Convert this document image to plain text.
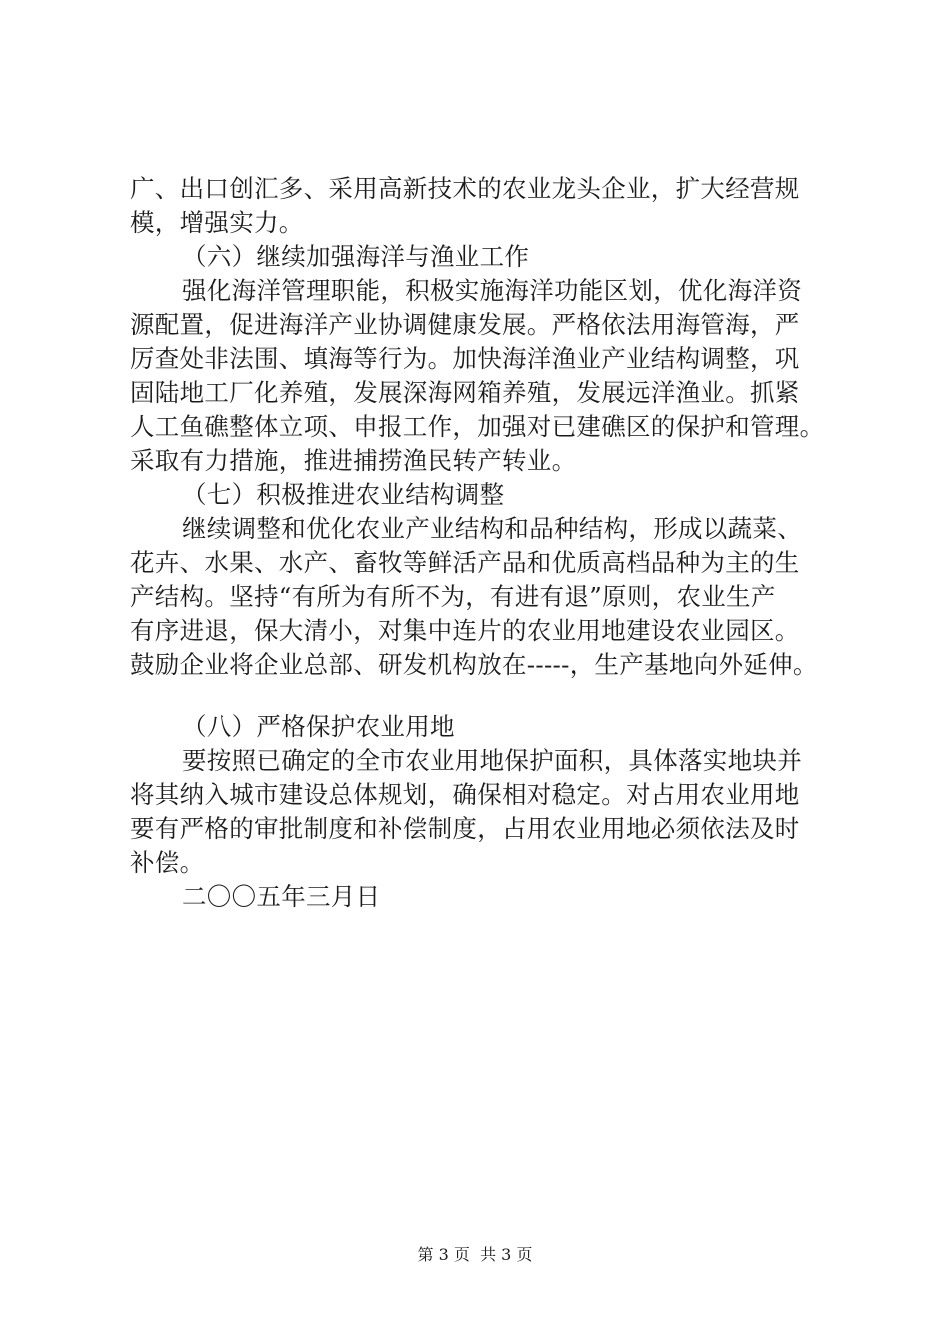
广、出口创汇多、采用高新技术的农业龙头企业，扩大经营规
模，增强实力。
（六）继续加强海洋与渔业工作
强化海洋管理职能，积极实施海洋功能区划，优化海洋资
源配置，促进海洋产业协调健康发展。严格依法用海管海，严
厉查处非法围、填海等行为。加快海洋渔业产业结构调整，巩
固陆地工厂化养殖，发展深海网箱养殖，发展远洋渔业。抓紧
人工鱼礁整体立项、申报工作，加强对已建礁区的保护和管理。
采取有力措施，推进捕捞渔民转产转业。
（七）积极推进农业结构调整
继续调整和优化农业产业结构和品种结构，形成以蔬菜、
花卉、水果、水产、畜牧等鲜活产品和优质高档品种为主的生
产结构。坚持“有所为有所不为，有进有退”原则，农业生产
有序进退，保大清小，对集中连片的农业用地建设农业园区。
鼓励企业将企业总部、研发机构放在-----，生产基地向外延伸。
（八）严格保护农业用地
要按照已确定的全市农业用地保护面积，具体落实地块并
将其纳入城市建设总体规划，确保相对稳定。对占用农业用地
要有严格的审批制度和补偿制度，占用农业用地必须依法及时
补偿。
二〇〇五年三月日
第 3 页  共 3 页
